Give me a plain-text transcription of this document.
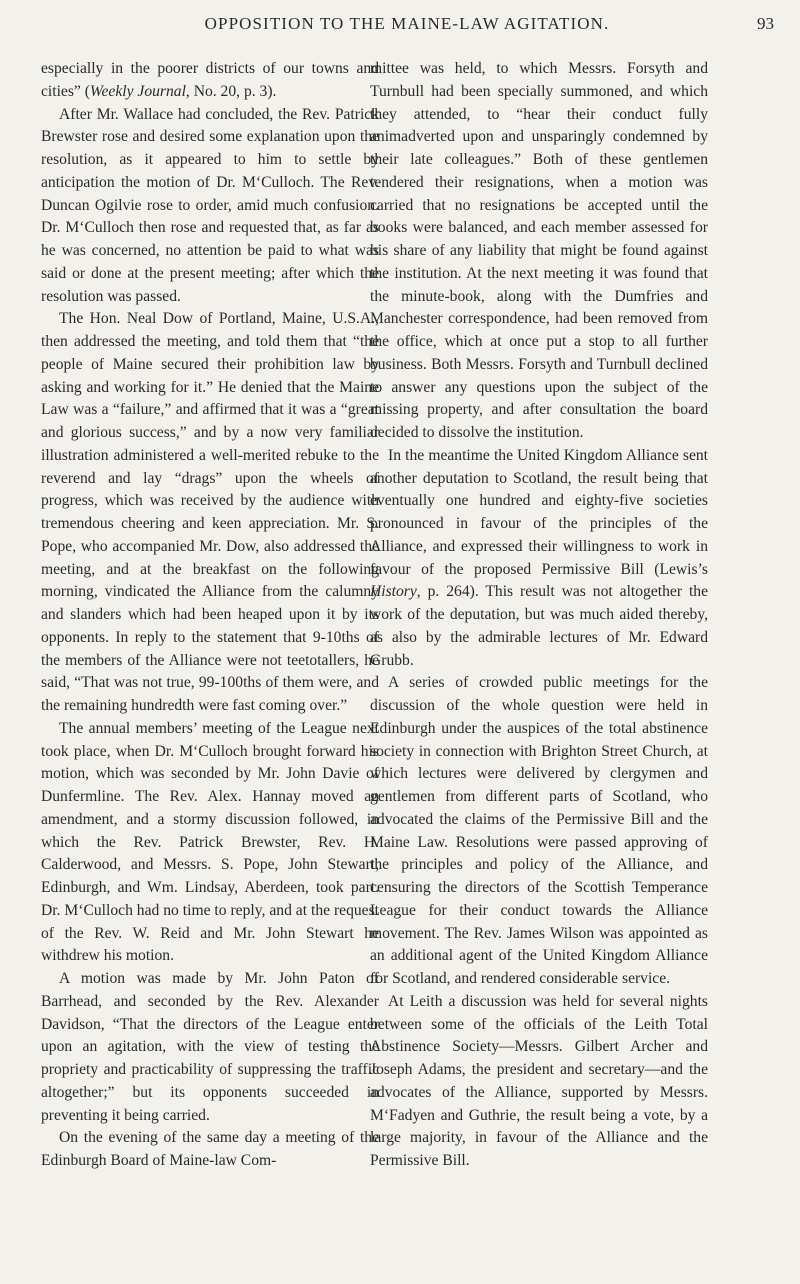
OPPOSITION TO THE MAINE-LAW AGITATION.	93

especially in the poorer districts of our towns and cities” (Weekly Journal, No. 20, p. 3).

After Mr. Wallace had concluded, the Rev. Patrick Brewster rose and desired some explanation upon the resolution, as it appeared to him to settle by anticipation the motion of Dr. M‘Culloch. The Rev. Duncan Ogilvie rose to order, amid much confusion. Dr. M‘Culloch then rose and requested that, as far as he was concerned, no attention be paid to what was said or done at the present meeting; after which the resolution was passed.

The Hon. Neal Dow of Portland, Maine, U.S.A., then addressed the meeting, and told them that “the people of Maine secured their prohibition law by asking and working for it.” He denied that the Maine Law was a “failure,” and affirmed that it was a “great and glorious success,” and by a now very familiar illustration administered a well-merited rebuke to the reverend and lay “drags” upon the wheels of progress, which was received by the audience with tremendous cheering and keen appreciation. Mr. S. Pope, who accompanied Mr. Dow, also addressed the meeting, and at the breakfast on the following morning, vindicated the Alliance from the calumny and slanders which had been heaped upon it by its opponents. In reply to the statement that 9-10ths of the members of the Alliance were not teetotallers, he said, “That was not true, 99-100ths of them were, and the remaining hundredth were fast coming over.”

The annual members’ meeting of the League next took place, when Dr. M‘Culloch brought forward his motion, which was seconded by Mr. John Davie of Dunfermline. The Rev. Alex. Hannay moved an amendment, and a stormy discussion followed, in which the Rev. Patrick Brewster, Rev. H. Calderwood, and Messrs. S. Pope, John Stewart, Edinburgh, and Wm. Lindsay, Aberdeen, took part. Dr. M‘Culloch had no time to reply, and at the request of the Rev. W. Reid and Mr. John Stewart he withdrew his motion.

A motion was made by Mr. John Paton of Barrhead, and seconded by the Rev. Alexander Davidson, “That the directors of the League enter upon an agitation, with the view of testing the propriety and practicability of suppressing the traffic altogether;” but its opponents succeeded in preventing it being carried.

On the evening of the same day a meeting of the Edinburgh Board of Maine-law Com-

mittee was held, to which Messrs. Forsyth and Turnbull had been specially summoned, and which they attended, to “hear their conduct fully animadverted upon and unsparingly condemned by their late colleagues.” Both of these gentlemen tendered their resignations, when a motion was carried that no resignations be accepted until the books were balanced, and each member assessed for his share of any liability that might be found against the institution. At the next meeting it was found that the minute-book, along with the Dumfries and Manchester correspondence, had been removed from the office, which at once put a stop to all further business. Both Messrs. Forsyth and Turnbull declined to answer any questions upon the subject of the missing property, and after consultation the board decided to dissolve the institution.

In the meantime the United Kingdom Alliance sent another deputation to Scotland, the result being that eventually one hundred and eighty-five societies pronounced in favour of the principles of the Alliance, and expressed their willingness to work in favour of the proposed Permissive Bill (Lewis’s History, p. 264). This result was not altogether the work of the deputation, but was much aided thereby, as also by the admirable lectures of Mr. Edward Grubb.

A series of crowded public meetings for the discussion of the whole question were held in Edinburgh under the auspices of the total abstinence society in connection with Brighton Street Church, at which lectures were delivered by clergymen and gentlemen from different parts of Scotland, who advocated the claims of the Permissive Bill and the Maine Law. Resolutions were passed approving of the principles and policy of the Alliance, and censuring the directors of the Scottish Temperance League for their conduct towards the Alliance movement. The Rev. James Wilson was appointed as an additional agent of the United Kingdom Alliance for Scotland, and rendered considerable service.

At Leith a discussion was held for several nights between some of the officials of the Leith Total Abstinence Society—Messrs. Gilbert Archer and Joseph Adams, the president and secretary—and the advocates of the Alliance, supported by Messrs. M‘Fadyen and Guthrie, the result being a vote, by a large majority, in favour of the Alliance and the Permissive Bill.
